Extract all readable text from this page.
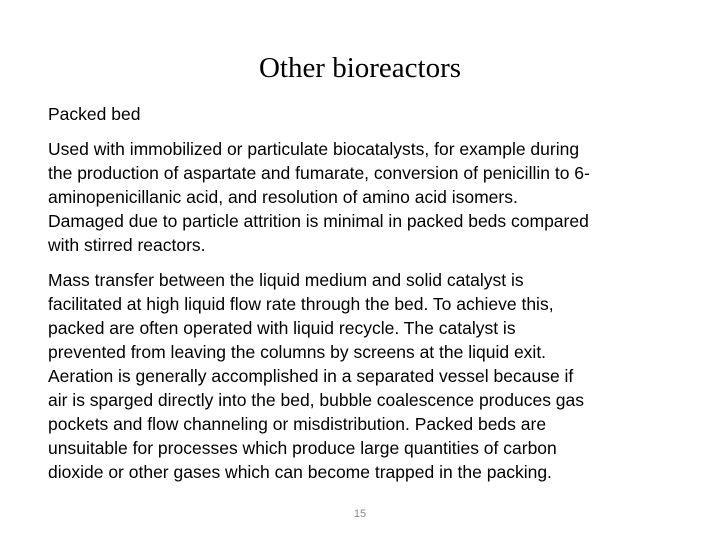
Other bioreactors
Packed bed
Used with immobilized or particulate biocatalysts, for example during
the production of aspartate and fumarate, conversion of penicillin to 6-
aminopenicillanic acid, and resolution of amino acid isomers.
Damaged due to particle attrition is minimal in packed beds compared
with stirred reactors.
Mass transfer between the liquid medium and solid catalyst is
facilitated at high liquid flow rate through the bed. To achieve this,
packed are often operated with liquid recycle. The catalyst is
prevented from leaving the columns by screens at the liquid exit.
Aeration is generally accomplished in a separated vessel because if
air is sparged directly into the bed, bubble coalescence produces gas
pockets and flow channeling or misdistribution. Packed beds are
unsuitable for processes which produce large quantities of carbon
dioxide or other gases which can become trapped in the packing.
15
